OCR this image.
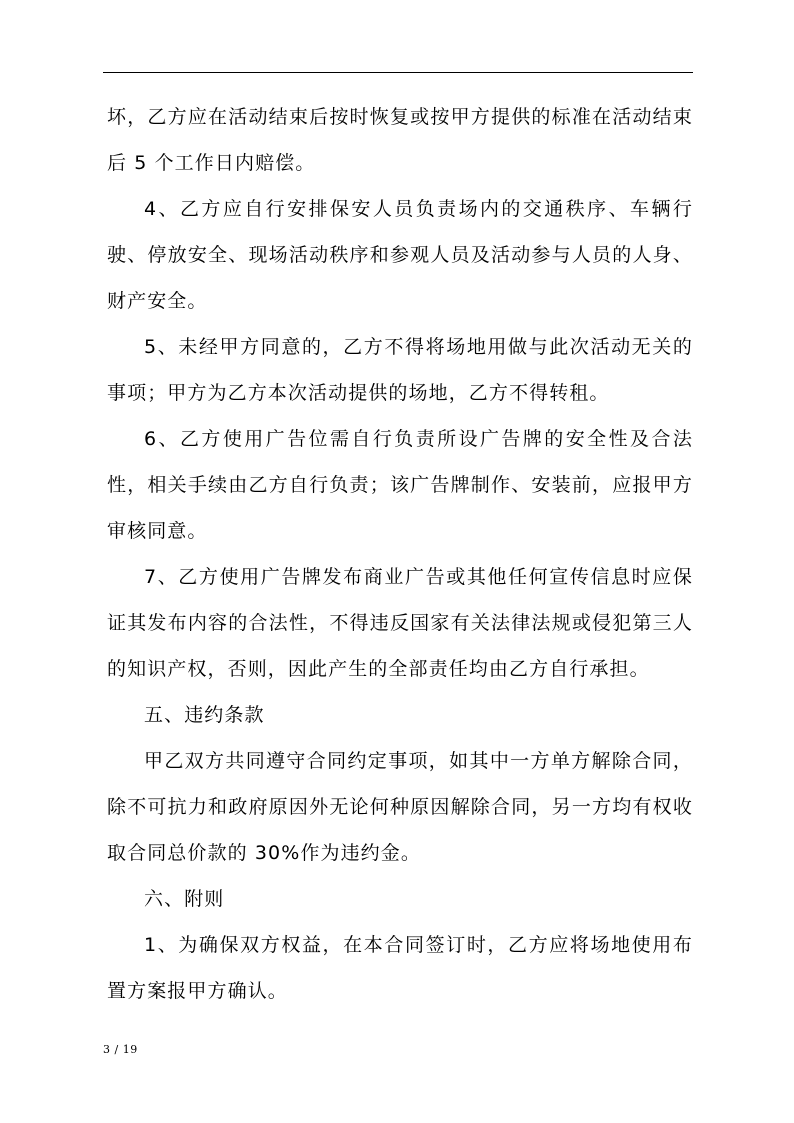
坏，乙方应在活动结束后按时恢复或按甲方提供的标准在活动结束后 5 个工作日内赔偿。

4、乙方应自行安排保安人员负责场内的交通秩序、车辆行驶、停放安全、现场活动秩序和参观人员及活动参与人员的人身、财产安全。

5、未经甲方同意的，乙方不得将场地用做与此次活动无关的事项；甲方为乙方本次活动提供的场地，乙方不得转租。

6、乙方使用广告位需自行负责所设广告牌的安全性及合法性，相关手续由乙方自行负责；该广告牌制作、安装前，应报甲方审核同意。

7、乙方使用广告牌发布商业广告或其他任何宣传信息时应保证其发布内容的合法性，不得违反国家有关法律法规或侵犯第三人的知识产权，否则，因此产生的全部责任均由乙方自行承担。

五、违约条款

甲乙双方共同遵守合同约定事项，如其中一方单方解除合同，除不可抗力和政府原因外无论何种原因解除合同，另一方均有权收取合同总价款的 30%作为违约金。

六、附则

1、为确保双方权益，在本合同签订时，乙方应将场地使用布置方案报甲方确认。

3 / 19
